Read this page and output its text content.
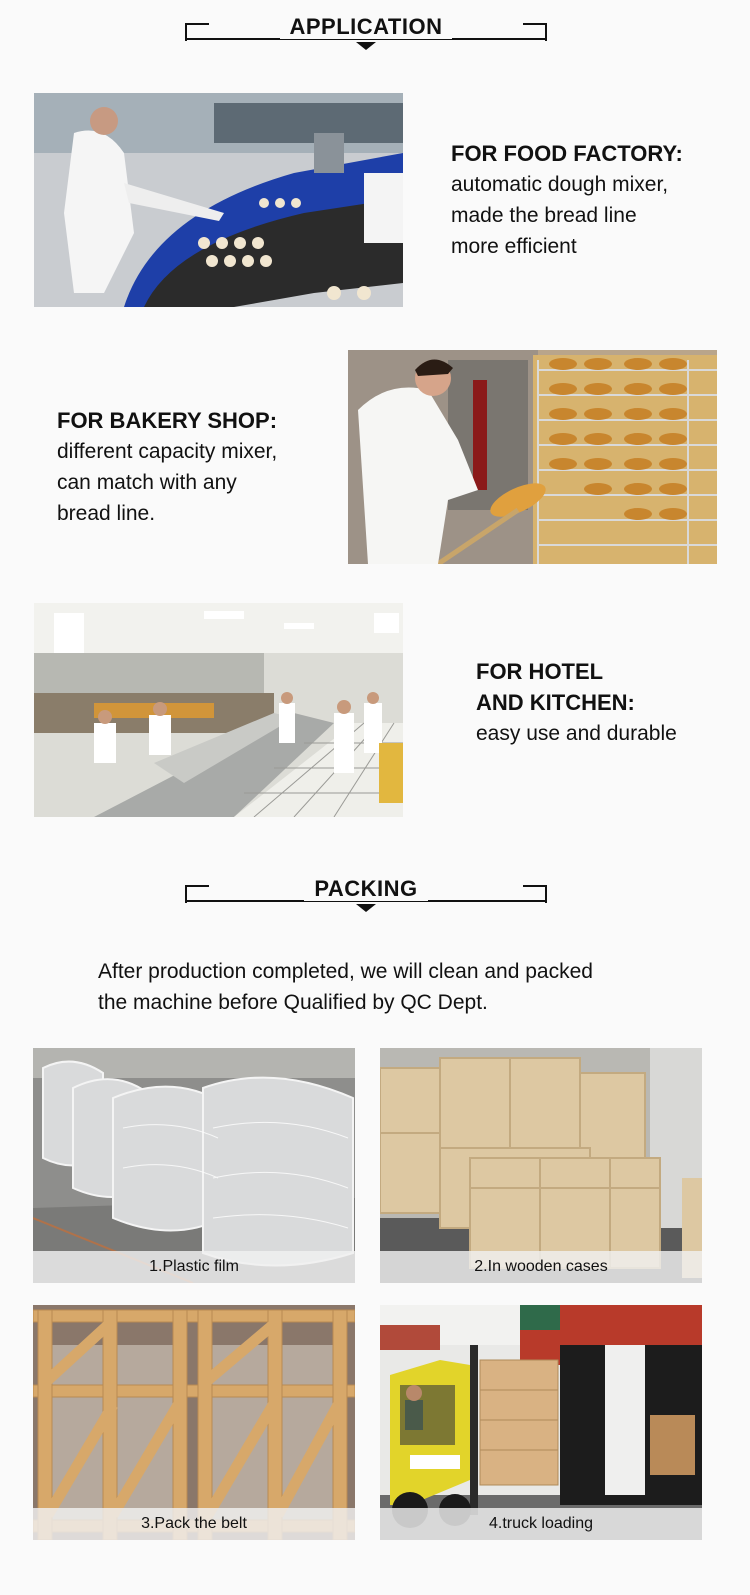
APPLICATION
FOR FOOD FACTORY:
automatic dough mixer,
made the bread line
more efficient
FOR BAKERY SHOP:
different capacity mixer,
can match with any
bread line.
FOR HOTEL
AND KITCHEN:
easy use and durable
PACKING
After production completed, we will clean and packed
the machine before Qualified by QC Dept.
1.Plastic film	2.In wooden cases
3.Pack the belt	4.truck loading
